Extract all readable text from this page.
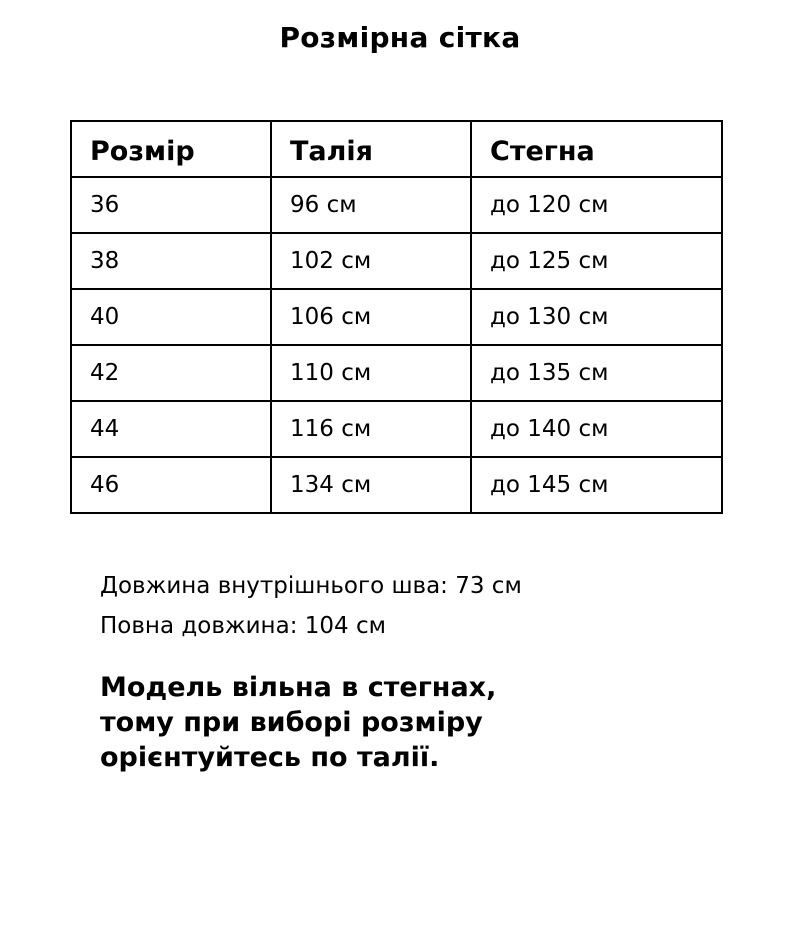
Розмірна сітка
Розмір	Талія	Стегна
36	96 см	до 120 см
38	102 см	до 125 см
40	106 см	до 130 см
42	110 см	до 135 см
44	116 см	до 140 см
46	134 см	до 145 см
Довжина внутрішнього шва: 73 см
Повна довжина: 104 см
Модель вільна в стегнах,
тому при виборі розміру
орієнтуйтесь по талії.
